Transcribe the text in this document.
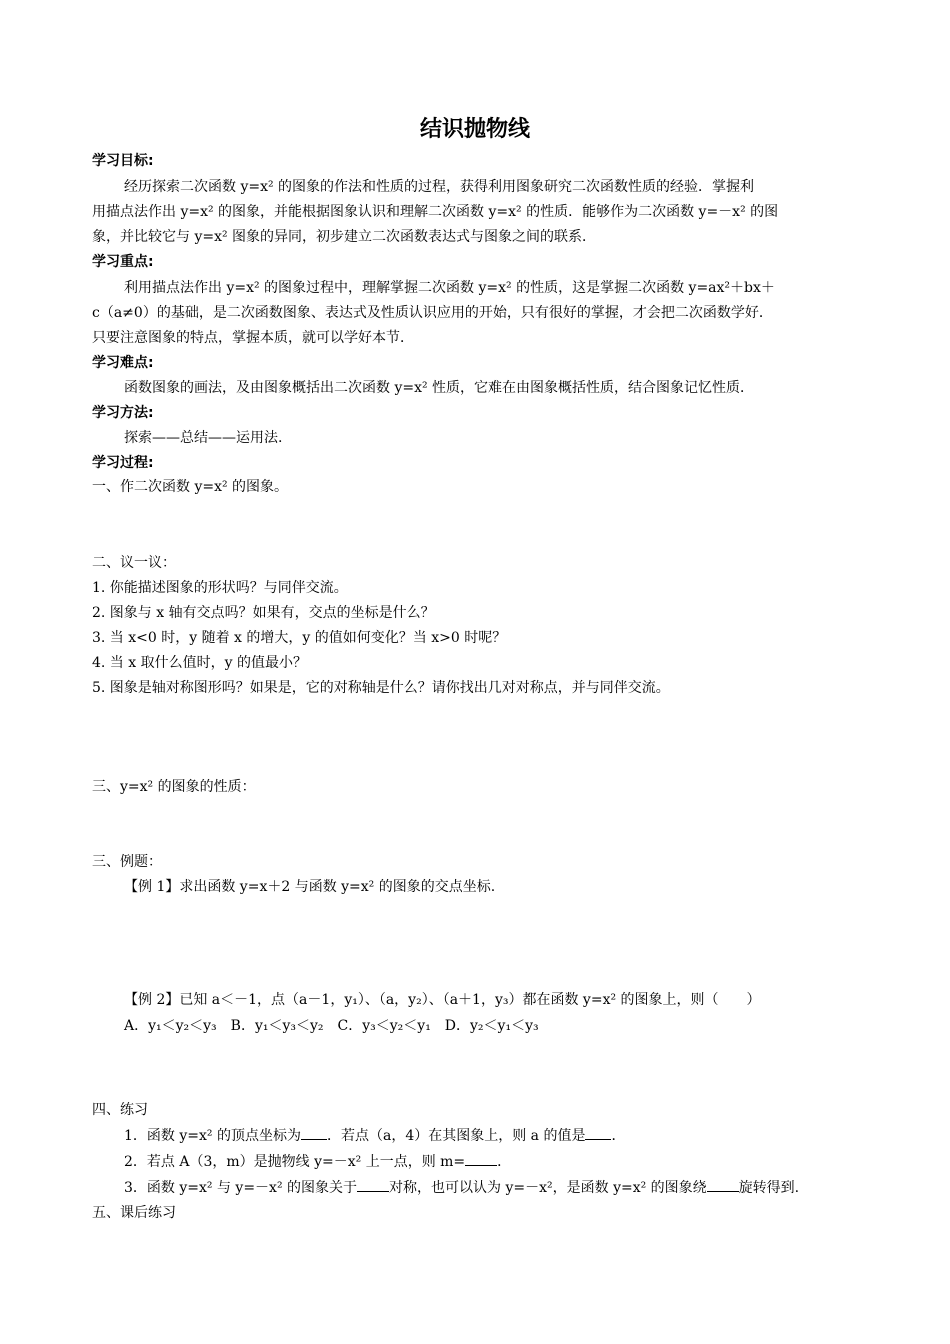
结识抛物线
学习目标:
经历探索二次函数 y=x² 的图象的作法和性质的过程，获得利用图象研究二次函数性质的经验．掌握利
用描点法作出 y=x² 的图象，并能根据图象认识和理解二次函数 y=x² 的性质．能够作为二次函数 y=－x² 的图
象，并比较它与 y=x² 图象的异同，初步建立二次函数表达式与图象之间的联系．
学习重点:
利用描点法作出 y=x² 的图象过程中，理解掌握二次函数 y=x² 的性质，这是掌握二次函数 y=ax²＋bx＋
c（a≠0）的基础，是二次函数图象、表达式及性质认识应用的开始，只有很好的掌握，才会把二次函数学好．
只要注意图象的特点，掌握本质，就可以学好本节．
学习难点:
函数图象的画法，及由图象概括出二次函数 y=x² 性质，它难在由图象概括性质，结合图象记忆性质．
学习方法:
探索——总结——运用法.
学习过程:
一、作二次函数 y=x² 的图象。
二、议一议：
1. 你能描述图象的形状吗？与同伴交流。
2. 图象与 x 轴有交点吗？如果有，交点的坐标是什么？
3. 当 x<0 时，y 随着 x 的增大，y 的值如何变化？当 x>0 时呢？
4. 当 x 取什么值时，y 的值最小？
5. 图象是轴对称图形吗？如果是，它的对称轴是什么？请你找出几对对称点，并与同伴交流。
三、y=x² 的图象的性质：
三、例题：
【例 1】求出函数 y=x＋2 与函数 y=x² 的图象的交点坐标.
【例 2】已知 a＜－1，点（a－1，y₁）、（a，y₂）、（a＋1，y₃）都在函数 y=x² 的图象上，则（　　）
A．y₁＜y₂＜y₃　B．y₁＜y₃＜y₂　C．y₃＜y₂＜y₁　D．y₂＜y₁＜y₃
四、练习
1．函数 y=x² 的顶点坐标为 ．若点（a，4）在其图象上，则 a 的值是 ．
2．若点 A（3，m）是抛物线 y=－x² 上一点，则 m= ．
3．函数 y=x² 与 y=－x² 的图象关于 对称，也可以认为 y=－x²，是函数 y=x² 的图象绕 旋转得到.
五、课后练习
